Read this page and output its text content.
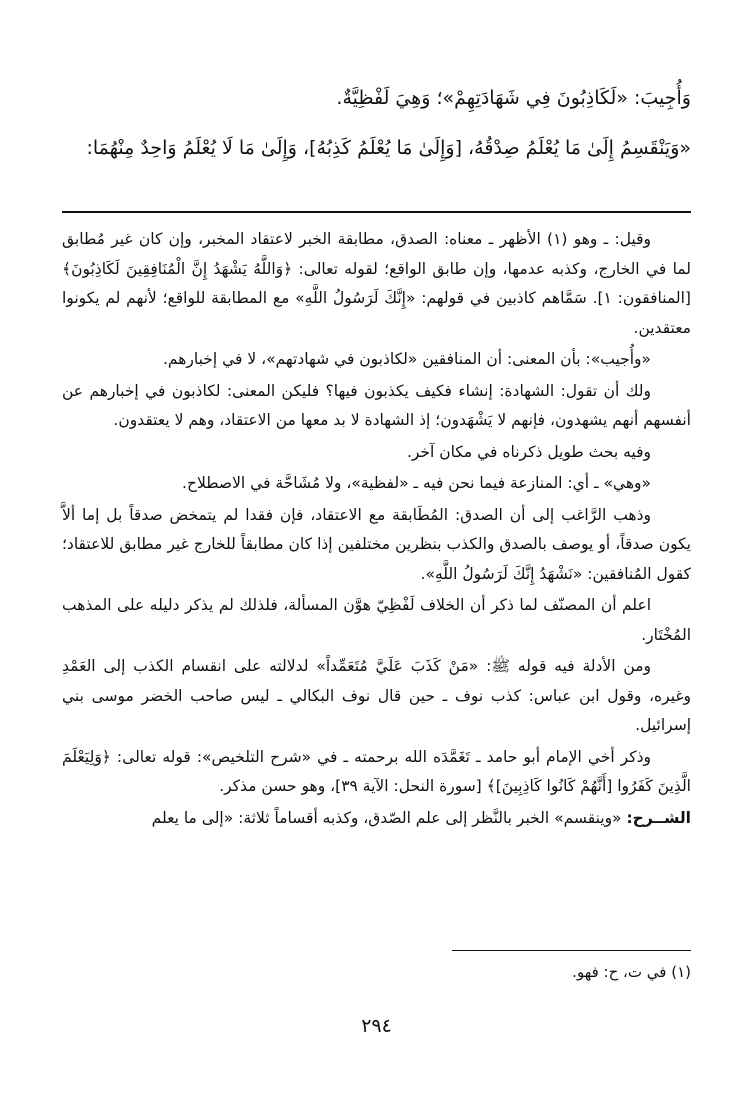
وَأُجِيبَ: «لَكَاذِبُونَ فِي شَهَادَتِهِمْ»؛ وَهِيَ لَفْظِيَّةٌ.
«وَيَنْقَسِمُ إِلَىٰ مَا يُعْلَمُ صِدْقُهُ، [وَإِلَىٰ مَا يُعْلَمُ كَذِبُهُ]، وَإِلَىٰ مَا لَا يُعْلَمُ وَاحِدٌ مِنْهُمَا:

وقيل: ـ وهو (١) الأظهر ـ معناه: الصدق، مطابقة الخبر لاعتقاد المخبر، وإن كان غير مُطابق لما في الخارج، وكذبه عدمها، وإن طابق الواقع؛ لقوله تعالى: ﴿وَاللَّهُ يَشْهَدُ إِنَّ الْمُنَافِقِينَ لَكَاذِبُونَ﴾ [المنافقون: ١]. سَمَّاهم كاذبين في قولهم: «إِنَّكَ لَرَسُولُ اللَّهِ» مع المطابقة للواقع؛ لأنهم لم يكونوا معتقدين.

«وأُجيب»: بأن المعنى: أن المنافقين «لكاذبون في شهادتهم»، لا في إخبارهم.

ولك أن تقول: الشهادة: إنشاء فكيف يكذبون فيها؟ فليكن المعنى: لكاذبون في إخبارهم عن أنفسهم أنهم يشهدون، فإنهم لا يَشْهَدون؛ إذ الشهادة لا بد معها من الاعتقاد، وهم لا يعتقدون.

وفيه بحث طويل ذكرناه في مكان آخر.

«وهي» ـ أي: المنازعة فيما نحن فيه ـ «لفظية»، ولا مُشَاحَّة في الاصطلاح.

وذهب الرَّاغب إلى أن الصدق: المُطَابقة مع الاعتقاد، فإن فقدا لم يتمخض صدقاً بل إما ألاَّ يكون صدقاً، أو يوصف بالصدق والكذب بنظرين مختلفين إذا كان مطابقاً للخارج غير مطابق للاعتقاد؛ كقول المُنافقين: «نَشْهَدُ إِنَّكَ لَرَسُولُ اللَّهِ».

اعلم أن المصنّف لما ذكر أن الخلاف لَفْظِيّ هوَّن المسألة، فلذلك لم يذكر دليله على المذهب المُخْتَار.

ومن الأدلة فيه قوله ﷺ: «مَنْ كَذَبَ عَلَيَّ مُتَعَمِّداً» لدلالته على انقسام الكذب إلى العَمْدِ وغيره، وقول ابن عباس: كذب نوف ـ حين قال نوف البكالي ـ ليس صاحب الخضر موسى بني إسرائيل.

وذكر أخي الإمام أبو حامد ـ تَغَمَّدَه الله برحمته ـ في «شرح التلخيص»: قوله تعالى: ﴿وَلِيَعْلَمَ الَّذِينَ كَفَرُوا [أَنَّهُمْ كَانُوا كَاذِبِينَ]﴾ [سورة النحل: الآية ٣٩]، وهو حسن مذكر.

الشــرح: «وينقسم» الخبر بالنَّظر إلى علم الصّدق، وكذبه أقساماً ثلاثة: «إلى ما يعلم

(١) في ت، ح: فهو.
٢٩٤
